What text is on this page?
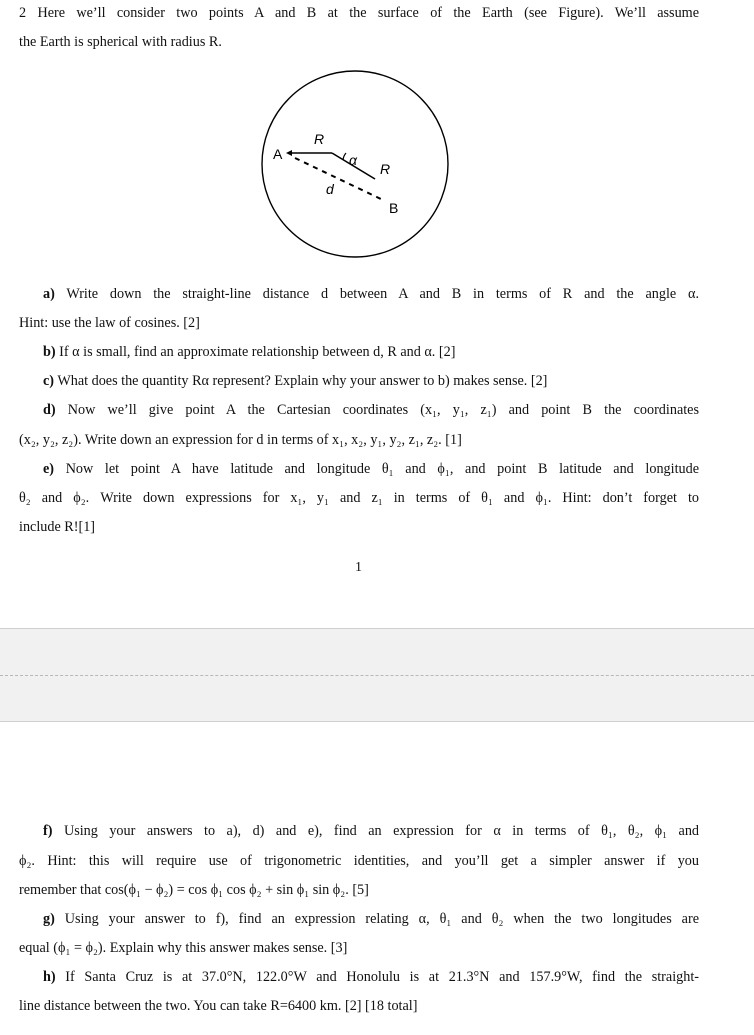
2 Here we’ll consider two points A and B at the surface of the Earth (see Figure). We’ll assume
the Earth is spherical with radius R.
A
B
R
R
d
α
a) Write down the straight-line distance d between A and B in terms of R and the angle α.
Hint: use the law of cosines. [2]
b) If α is small, find an approximate relationship between d, R and α. [2]
c) What does the quantity Rα represent? Explain why your answer to b) makes sense. [2]
d) Now we’ll give point A the Cartesian coordinates (x₁, y₁, z₁) and point B the coordinates
(x₂, y₂, z₂). Write down an expression for d in terms of x₁, x₂, y₁, y₂, z₁, z₂. [1]
e) Now let point A have latitude and longitude θ₁ and ϕ₁, and point B latitude and longitude
θ₂ and ϕ₂. Write down expressions for x₁, y₁ and z₁ in terms of θ₁ and ϕ₁. Hint: don’t forget to
include R![1]
1
f) Using your answers to a), d) and e), find an expression for α in terms of θ₁, θ₂, ϕ₁ and
ϕ₂. Hint: this will require use of trigonometric identities, and you’ll get a simpler answer if you
remember that cos(ϕ₁ − ϕ₂) = cos ϕ₁ cos ϕ₂ + sin ϕ₁ sin ϕ₂. [5]
g) Using your answer to f), find an expression relating α, θ₁ and θ₂ when the two longitudes are
equal (ϕ₁ = ϕ₂). Explain why this answer makes sense. [3]
h) If Santa Cruz is at 37.0°N, 122.0°W and Honolulu is at 21.3°N and 157.9°W, find the straight-
line distance between the two. You can take R=6400 km. [2] [18 total]
